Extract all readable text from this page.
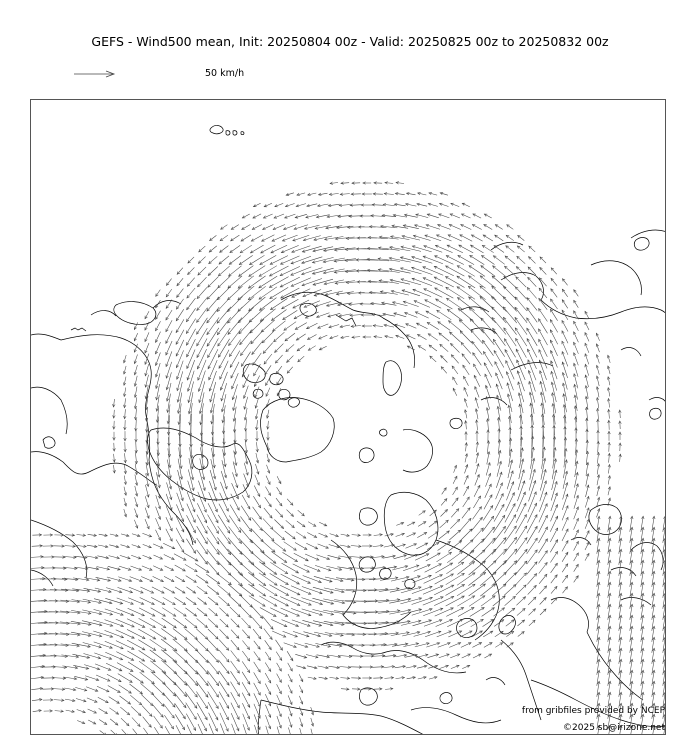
GEFS - Wind500 mean, Init: 20250804 00z - Valid: 20250825 00z to 20250832 00z
50 km/h
from gribfiles provided by NCEP
©2025 sb@irizone.net
